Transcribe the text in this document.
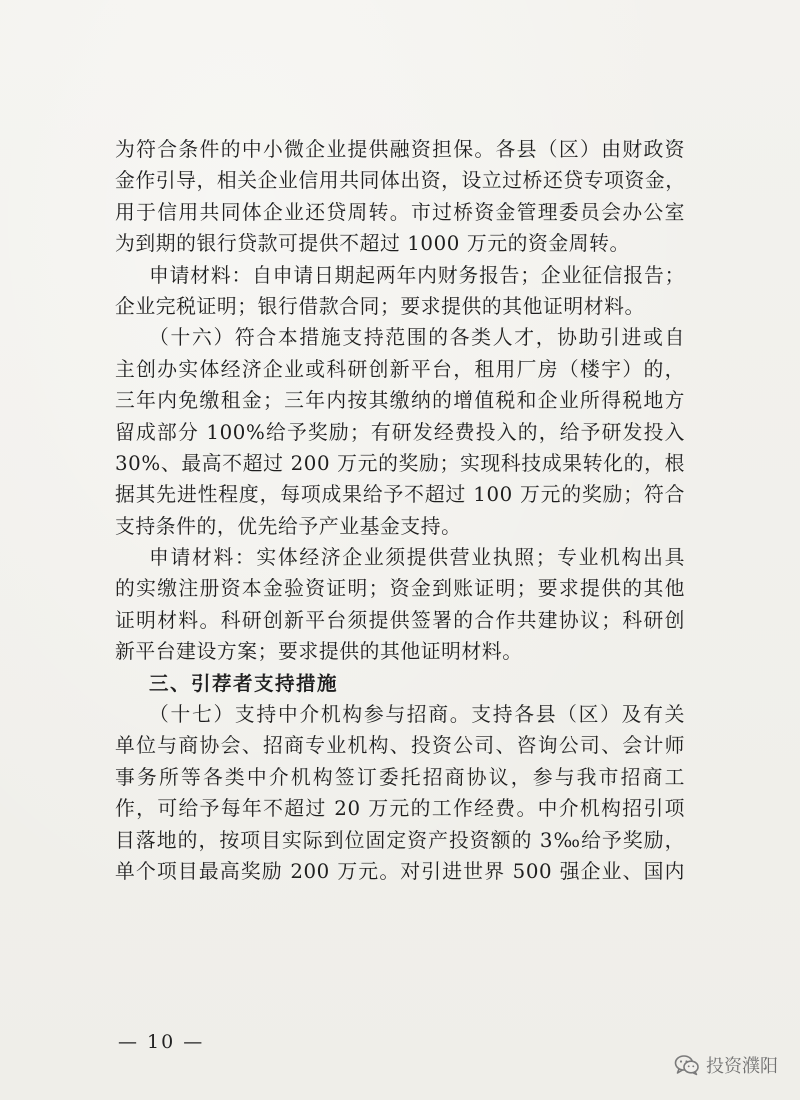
为符合条件的中小微企业提供融资担保。各县（区）由财政资
金作引导，相关企业信用共同体出资，设立过桥还贷专项资金，
用于信用共同体企业还贷周转。市过桥资金管理委员会办公室
为到期的银行贷款可提供不超过 1000 万元的资金周转。
申请材料：自申请日期起两年内财务报告；企业征信报告；
企业完税证明；银行借款合同；要求提供的其他证明材料。
（十六）符合本措施支持范围的各类人才，协助引进或自
主创办实体经济企业或科研创新平台，租用厂房（楼宇）的，
三年内免缴租金；三年内按其缴纳的增值税和企业所得税地方
留成部分 100%给予奖励；有研发经费投入的，给予研发投入
30%、最高不超过 200 万元的奖励；实现科技成果转化的，根
据其先进性程度，每项成果给予不超过 100 万元的奖励；符合
支持条件的，优先给予产业基金支持。
申请材料：实体经济企业须提供营业执照；专业机构出具
的实缴注册资本金验资证明；资金到账证明；要求提供的其他
证明材料。科研创新平台须提供签署的合作共建协议；科研创
新平台建设方案；要求提供的其他证明材料。
三、引荐者支持措施
（十七）支持中介机构参与招商。支持各县（区）及有关
单位与商协会、招商专业机构、投资公司、咨询公司、会计师
事务所等各类中介机构签订委托招商协议，参与我市招商工
作，可给予每年不超过 20 万元的工作经费。中介机构招引项
目落地的，按项目实际到位固定资产投资额的 3‰给予奖励，
单个项目最高奖励 200 万元。对引进世界 500 强企业、国内
— 10 —
投资濮阳
